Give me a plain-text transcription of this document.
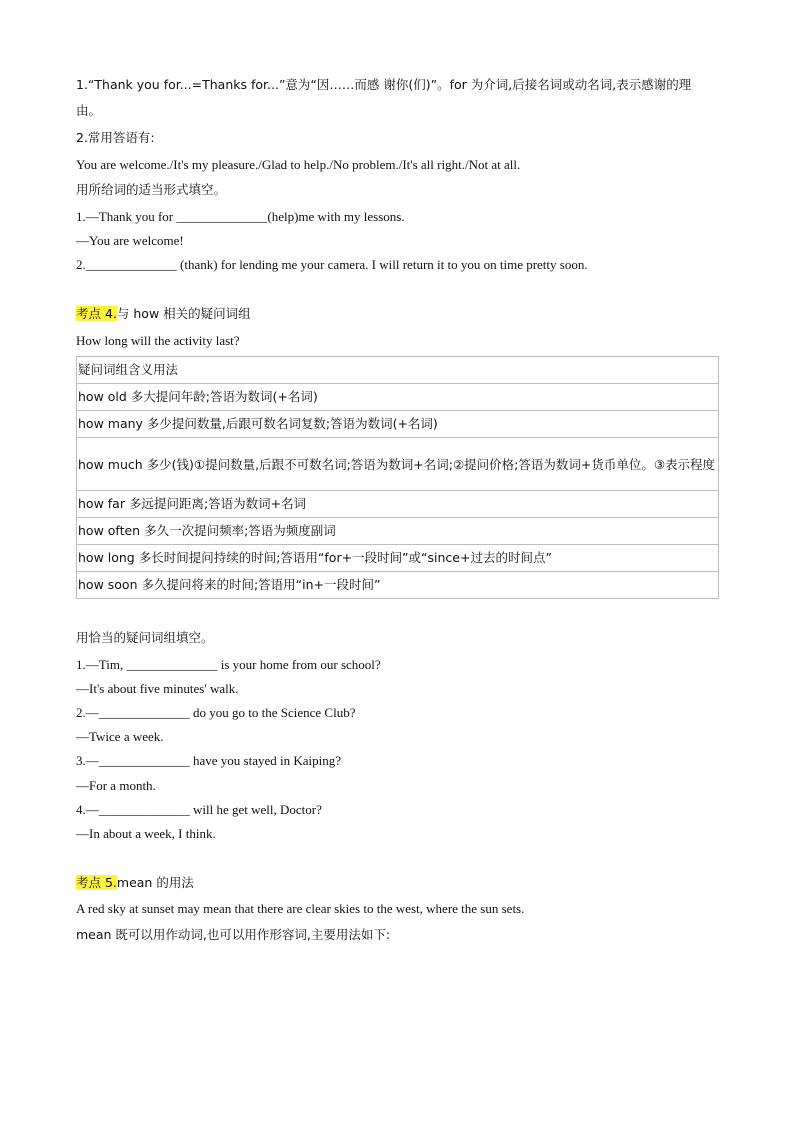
1.“Thank you for...=Thanks for...”意为“因……而感 谢你(们)”。for 为介词,后接名词或动名词,表示感谢的理
由。
2.常用答语有:
You are welcome./It's my pleasure./Glad to help./No problem./It's all right./Not at all.
用所给词的适当形式填空。
1.—Thank you for ______________(help)me with my lessons.
—You are welcome!
2.______________ (thank) for lending me your camera. I will return it to you on time pretty soon.
考点 4.与 how 相关的疑问词组
How long will the activity last?
疑问词组含义用法
how old 多大提问年龄;答语为数词(+名词)
how many 多少提问数量,后跟可数名词复数;答语为数词(+名词)
how much 多少(钱)①提问数量,后跟不可数名词;答语为数词+名词;②提问价格;答语为数词+货币单位。③表示程度
how far 多远提问距离;答语为数词+名词
how often 多久一次提问频率;答语为频度副词
how long 多长时间提问持续的时间;答语用“for+一段时间”或“since+过去的时间点”
how soon 多久提问将来的时间;答语用“in+一段时间”
用恰当的疑问词组填空。
1.—Tim, ______________ is your home from our school?
—It's about five minutes' walk.
2.—______________ do you go to the Science Club?
—Twice a week.
3.—______________ have you stayed in Kaiping?
—For a month.
4.—______________ will he get well, Doctor?
—In about a week, I think.
考点 5.mean 的用法
A red sky at sunset may mean that there are clear skies to the west, where the sun sets.
mean 既可以用作动词,也可以用作形容词,主要用法如下:
